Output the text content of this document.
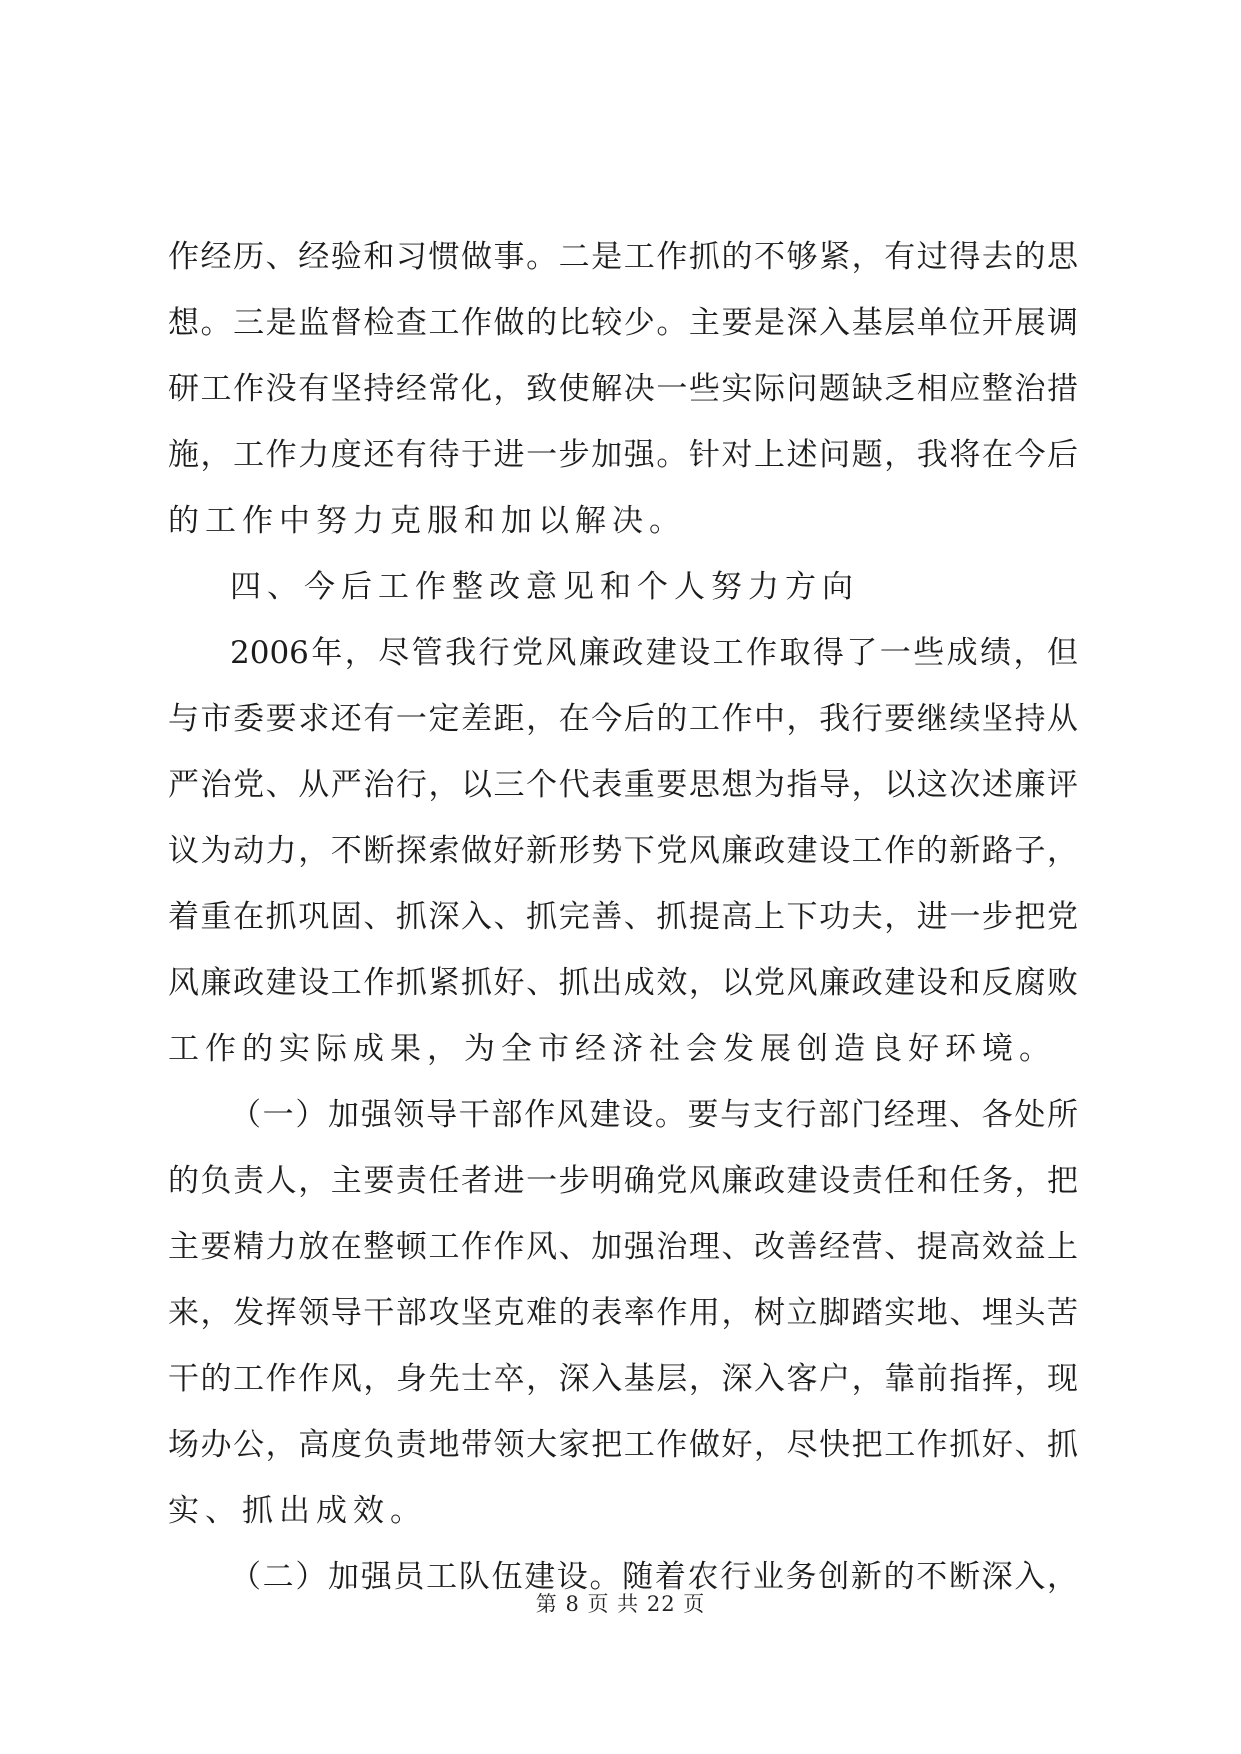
作经历、经验和习惯做事。二是工作抓的不够紧，有过得去的思
想。三是监督检查工作做的比较少。主要是深入基层单位开展调
研工作没有坚持经常化，致使解决一些实际问题缺乏相应整治措
施，工作力度还有待于进一步加强。针对上述问题，我将在今后
的工作中努力克服和加以解决。
四、今后工作整改意见和个人努力方向
2006年，尽管我行党风廉政建设工作取得了一些成绩，但
与市委要求还有一定差距，在今后的工作中，我行要继续坚持从
严治党、从严治行，以三个代表重要思想为指导，以这次述廉评
议为动力，不断探索做好新形势下党风廉政建设工作的新路子，
着重在抓巩固、抓深入、抓完善、抓提高上下功夫，进一步把党
风廉政建设工作抓紧抓好、抓出成效，以党风廉政建设和反腐败
工作的实际成果，为全市经济社会发展创造良好环境。
（一）加强领导干部作风建设。要与支行部门经理、各处所
的负责人，主要责任者进一步明确党风廉政建设责任和任务，把
主要精力放在整顿工作作风、加强治理、改善经营、提高效益上
来，发挥领导干部攻坚克难的表率作用，树立脚踏实地、埋头苦
干的工作作风，身先士卒，深入基层，深入客户，靠前指挥，现
场办公，高度负责地带领大家把工作做好，尽快把工作抓好、抓
实、抓出成效。
（二）加强员工队伍建设。随着农行业务创新的不断深入，
第 8 页 共 22 页
